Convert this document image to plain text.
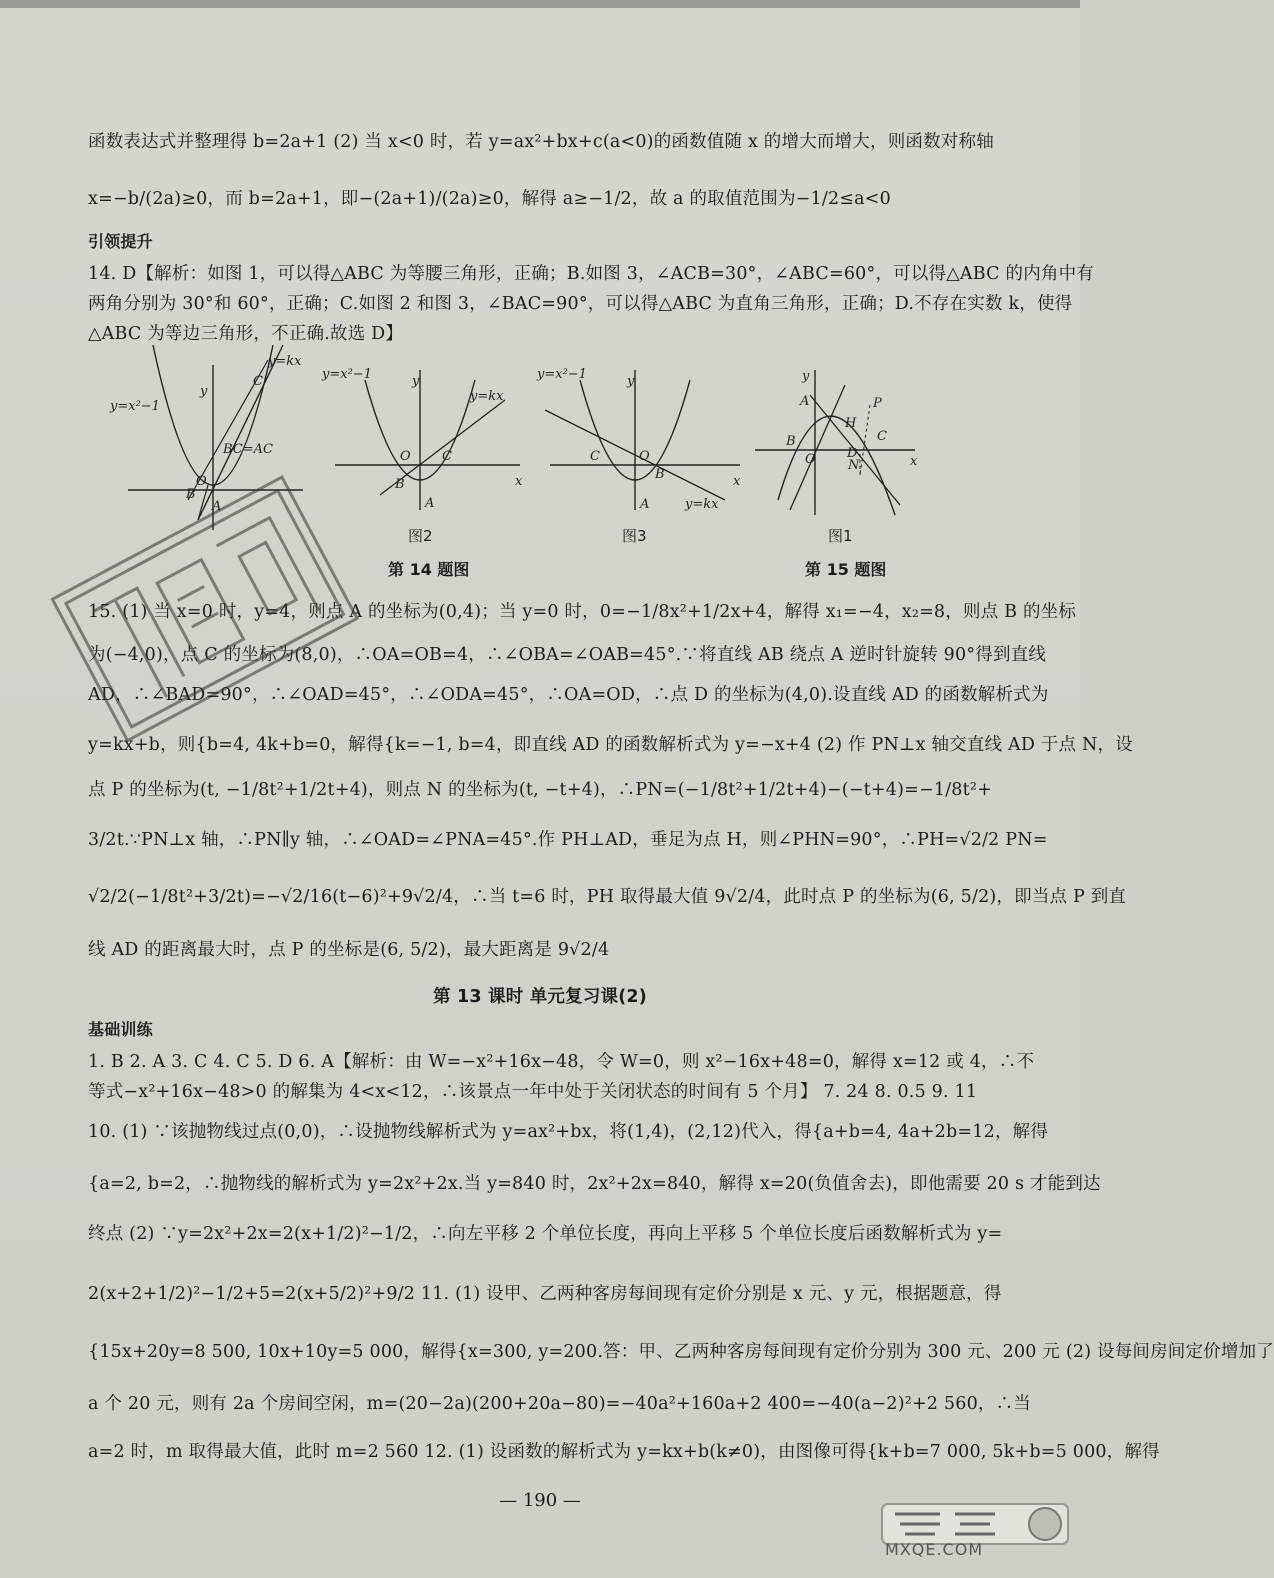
函数表达式并整理得 b=2a+1 (2) 当 x<0 时，若 y=ax²+bx+c(a<0)的函数值随 x 的增大而增大，则函数对称轴
x=−b/(2a)≥0，而 b=2a+1，即−(2a+1)/(2a)≥0，解得 a≥−1/2，故 a 的取值范围为−1/2≤a<0
引领提升
14. D【解析：如图 1，可以得△ABC 为等腰三角形，正确；B.如图 3，∠ACB=30°，∠ABC=60°，可以得△ABC 的内角中有
两角分别为 30°和 60°，正确；C.如图 2 和图 3，∠BAC=90°，可以得△ABC 为直角三角形，正确；D.不存在实数 k，使得
△ABC 为等边三角形，不正确.故选 D】
y=kx
C
y=x²−1
BC=AC
y
O
B
A
y=x²−1
y=kx
y
x
O
B
A
C
图2
y=x²−1
y=kx
y
x
O
C
B
A
图3
y
x
A
B
H
P
C
D
N
O
图1
第 14 题图	第 15 题图
15. (1) 当 x=0 时，y=4，则点 A 的坐标为(0,4)；当 y=0 时，0=−1/8x²+1/2x+4，解得 x₁=−4，x₂=8，则点 B 的坐标
为(−4,0)，点 C 的坐标为(8,0)，∴OA=OB=4，∴∠OBA=∠OAB=45°.∵将直线 AB 绕点 A 逆时针旋转 90°得到直线
AD，∴∠BAD=90°，∴∠OAD=45°，∴∠ODA=45°，∴OA=OD，∴点 D 的坐标为(4,0).设直线 AD 的函数解析式为
y=kx+b，则{b=4, 4k+b=0，解得{k=−1, b=4，即直线 AD 的函数解析式为 y=−x+4 (2) 作 PN⊥x 轴交直线 AD 于点 N，设
点 P 的坐标为(t, −1/8t²+1/2t+4)，则点 N 的坐标为(t, −t+4)，∴PN=(−1/8t²+1/2t+4)−(−t+4)=−1/8t²+
3/2t.∵PN⊥x 轴，∴PN∥y 轴，∴∠OAD=∠PNA=45°.作 PH⊥AD，垂足为点 H，则∠PHN=90°，∴PH=√2/2 PN=
√2/2(−1/8t²+3/2t)=−√2/16(t−6)²+9√2/4，∴当 t=6 时，PH 取得最大值 9√2/4，此时点 P 的坐标为(6, 5/2)，即当点 P 到直
线 AD 的距离最大时，点 P 的坐标是(6, 5/2)，最大距离是 9√2/4
第 13 课时 单元复习课(2)
基础训练
1. B 2. A 3. C 4. C 5. D 6. A【解析：由 W=−x²+16x−48，令 W=0，则 x²−16x+48=0，解得 x=12 或 4，∴不
等式−x²+16x−48>0 的解集为 4<x<12，∴该景点一年中处于关闭状态的时间有 5 个月】 7. 24 8. 0.5 9. 11
10. (1) ∵该抛物线过点(0,0)，∴设抛物线解析式为 y=ax²+bx，将(1,4)，(2,12)代入，得{a+b=4, 4a+2b=12，解得
{a=2, b=2，∴抛物线的解析式为 y=2x²+2x.当 y=840 时，2x²+2x=840，解得 x=20(负值舍去)，即他需要 20 s 才能到达
终点 (2) ∵y=2x²+2x=2(x+1/2)²−1/2，∴向左平移 2 个单位长度，再向上平移 5 个单位长度后函数解析式为 y=
2(x+2+1/2)²−1/2+5=2(x+5/2)²+9/2 11. (1) 设甲、乙两种客房每间现有定价分别是 x 元、y 元，根据题意，得
{15x+20y=8 500, 10x+10y=5 000，解得{x=300, y=200.答：甲、乙两种客房每间现有定价分别为 300 元、200 元 (2) 设每间房间定价增加了
a 个 20 元，则有 2a 个房间空闲，m=(20−2a)(200+20a−80)=−40a²+160a+2 400=−40(a−2)²+2 560，∴当
a=2 时，m 取得最大值，此时 m=2 560 12. (1) 设函数的解析式为 y=kx+b(k≠0)，由图像可得{k+b=7 000, 5k+b=5 000，解得
— 190 —
MXQE.COM
